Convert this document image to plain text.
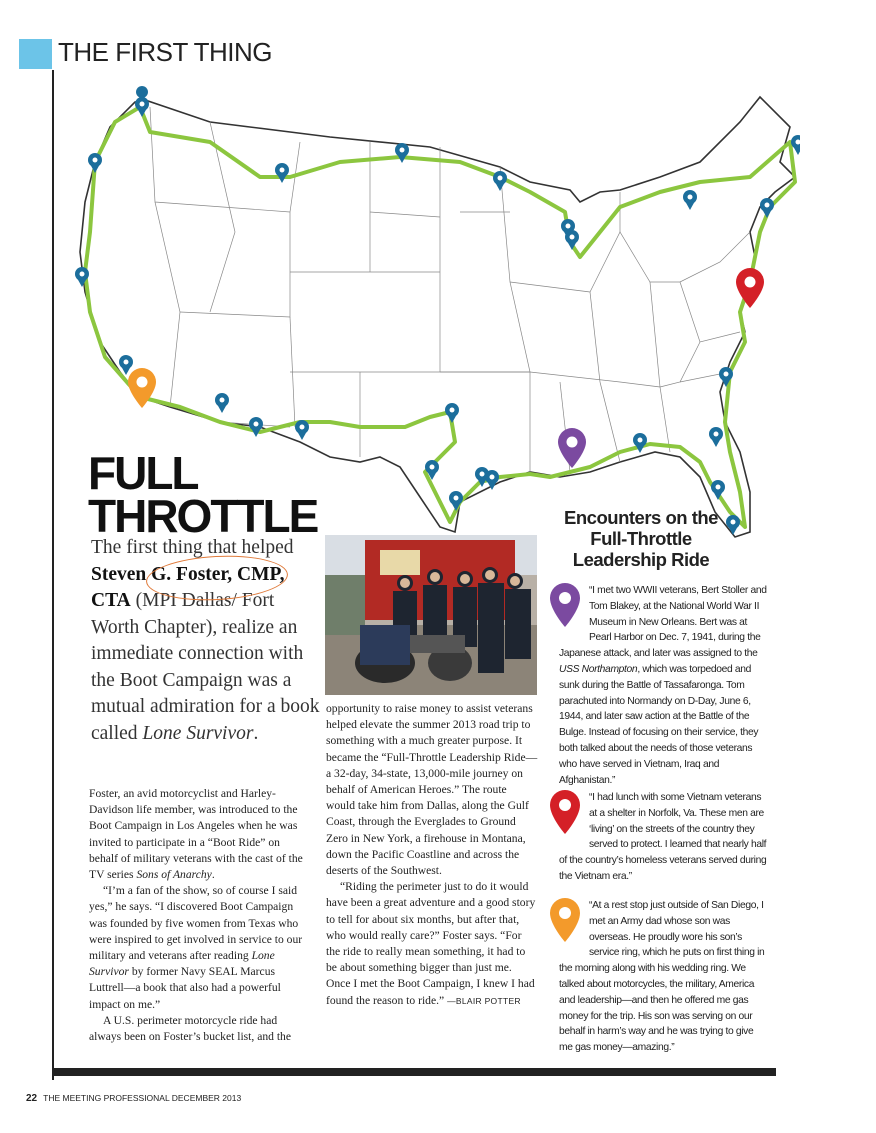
THE FIRST THING
FULL
THROTTLE
The first thing that helped Steven G. Foster, CMP, CTA (MPI Dallas/ Fort Worth Chapter), realize an immediate connection with the Boot Campaign was a mutual admiration for a book called Lone Survivor.

Foster, an avid motorcyclist and Harley-Davidson life member, was introduced to the Boot Campaign in Los Angeles when he was invited to participate in a “Boot Ride” on behalf of military veterans with the cast of the TV series Sons of Anarchy.

“I’m a fan of the show, so of course I said yes,” he says. “I discovered Boot Campaign was founded by five women from Texas who were inspired to get involved in service to our military and veterans after reading Lone Survivor by former Navy SEAL Marcus Luttrell—a book that also had a powerful impact on me.”

A U.S. perimeter motorcycle ride had always been on Foster’s bucket list, and the

opportunity to raise money to assist veterans helped elevate the summer 2013 road trip to something with a much greater purpose. It became the “Full-Throttle Leadership Ride—a 32-day, 34-state, 13,000-mile journey on behalf of American Heroes.” The route would take him from Dallas, along the Gulf Coast, through the Everglades to Ground Zero in New York, a firehouse in Montana, down the Pacific Coastline and across the deserts of the Southwest.

“Riding the perimeter just to do it would have been a great adventure and a good story to tell for about six months, but after that, who would really care?” Foster says. “For the ride to really mean something, it had to be about something bigger than just me. Once I met the Boot Campaign, I knew I had found the reason to ride.” —BLAIR POTTER

Encounters on the Full-Throttle Leadership Ride
“I met two WWII veterans, Bert Stoller and Tom Blakey, at the National World War II Museum in New Orleans. Bert was at Pearl Harbor on Dec. 7, 1941, during the Japanese attack, and later was assigned to the USS Northampton, which was torpedoed and sunk during the Battle of Tassafaronga. Tom parachuted into Normandy on D-Day, June 6, 1944, and later saw action at the Battle of the Bulge. Instead of focusing on their service, they both talked about the needs of those veterans who have served in Vietnam, Iraq and Afghanistan.”
“I had lunch with some Vietnam veterans at a shelter in Norfolk, Va. These men are ‘living’ on the streets of the country they served to protect. I learned that nearly half of the country’s homeless veterans served during the Vietnam era.”
“At a rest stop just outside of San Diego, I met an Army dad whose son was overseas. He proudly wore his son’s service ring, which he puts on first thing in the morning along with his wedding ring. We talked about motorcycles, the military, America and leadership—and then he offered me gas money for the trip. His son was serving on our behalf in harm’s way and he was trying to give me gas money—amazing.”
22 THE MEETING PROFESSIONAL DECEMBER 2013
